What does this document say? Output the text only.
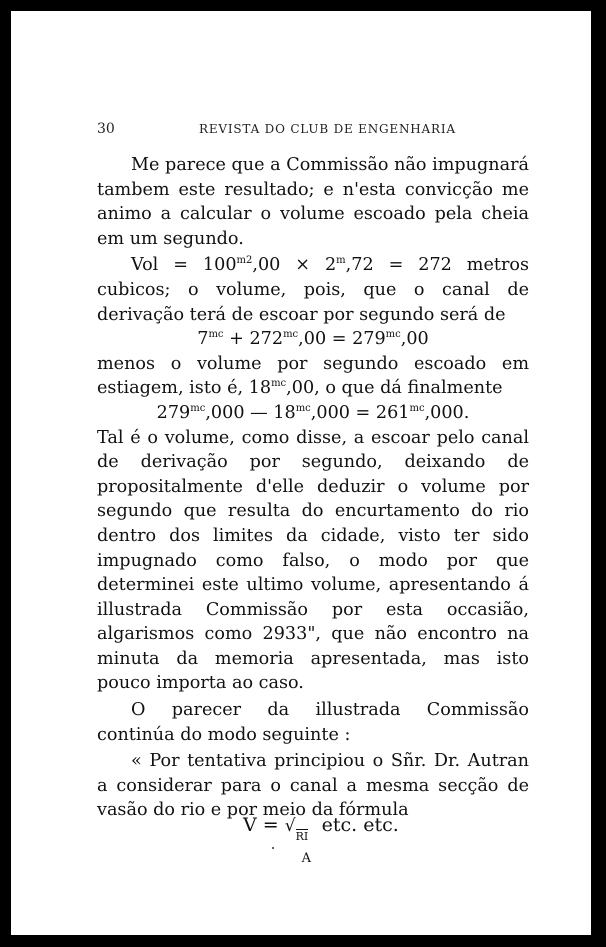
30	REVISTA DO CLUB DE ENGENHARIA

Me parece que a Commissão não impugnará tambem este resultado; e n'esta convicção me animo a calcular o volume escoado pela cheia em um segundo.

Vol = $100^{m2},00 \times 2^m,72 = 272$ metros cubicos; o volume, pois, que o canal de derivação terá de escoar por segundo será de

$7^{mc} + 272^{mc},00 = 279^{mc},00$

menos o volume por segundo escoado em estiagem, isto é, $18^{mc},00$, o que dá finalmente

$279^{mc},000$ — $18^{mc},000 = 261^{mc},000$.

Tal é o volume, como disse, a escoar pelo canal de derivação por segundo, deixando de propositalmente d'elle deduzir o volume por segundo que resulta do encurtamento do rio dentro dos limites da cidade, visto ter sido impugnado como falso, o modo por que determinei este ultimo volume, apresentando á illustrada Commissão por esta occasião, algarismos como 2933", que não encontro na minuta da memoria apresentada, mas isto pouco importa ao caso.

O parecer da illustrada Commissão continúa do modo seguinte :

« Por tentativa principiou o Sñr. Dr. Autran a considerar para o canal a mesma secção de vasão do rio e por meio da fórmula

V = √
RI
A
etc. etc.
